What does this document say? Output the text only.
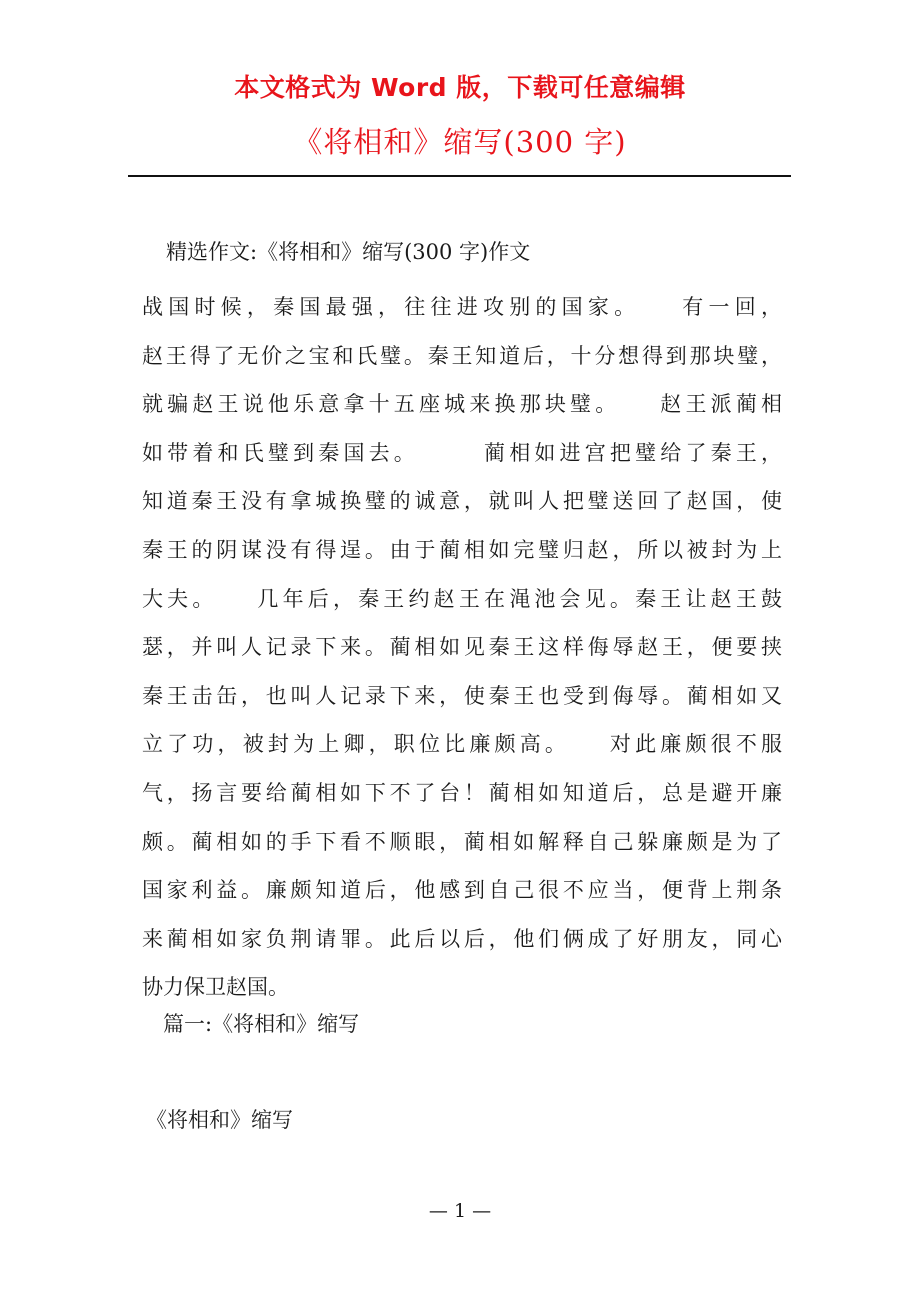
本文格式为 Word 版，下载可任意编辑
《将相和》缩写(300 字)
精选作文:《将相和》缩写(300 字)作文
战国时候，秦国最强，往往进攻别的国家。　　有一回，
赵王得了无价之宝和氏璧。秦王知道后，十分想得到那块璧，
就骗赵王说他乐意拿十五座城来换那块璧。　　赵王派蔺相
如带着和氏璧到秦国去。　　　蔺相如进宫把璧给了秦王，
知道秦王没有拿城换璧的诚意，就叫人把璧送回了赵国，使
秦王的阴谋没有得逞。由于蔺相如完璧归赵，所以被封为上
大夫。　　几年后，秦王约赵王在渑池会见。秦王让赵王鼓
瑟，并叫人记录下来。蔺相如见秦王这样侮辱赵王，便要挟
秦王击缶，也叫人记录下来，使秦王也受到侮辱。蔺相如又
立了功，被封为上卿，职位比廉颇高。　　对此廉颇很不服
气，扬言要给蔺相如下不了台！蔺相如知道后，总是避开廉
颇。蔺相如的手下看不顺眼，蔺相如解释自己躲廉颇是为了
国家利益。廉颇知道后，他感到自己很不应当，便背上荆条
来蔺相如家负荆请罪。此后以后，他们俩成了好朋友，同心
协力保卫赵国。
篇一:《将相和》缩写
《将相和》缩写
— 1 —
